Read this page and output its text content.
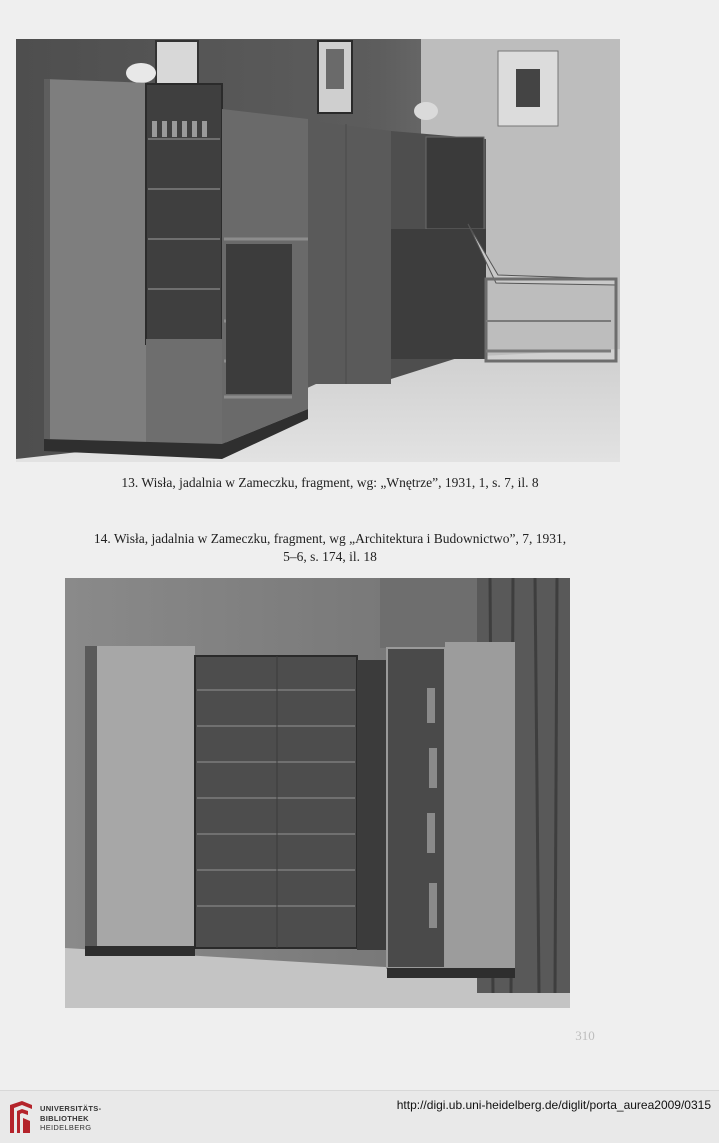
13. Wisła, jadalnia w Zameczku, fragment, wg: „Wnętrze”, 1931, 1, s. 7, il. 8
14. Wisła, jadalnia w Zameczku, fragment, wg „Architektura i Budownictwo”, 7, 1931,
5–6, s. 174, il. 18
310
UNIVERSITÄTS-
BIBLIOTHEK
HEIDELBERG
http://digi.ub.uni-heidelberg.de/diglit/porta_aurea2009/0315
